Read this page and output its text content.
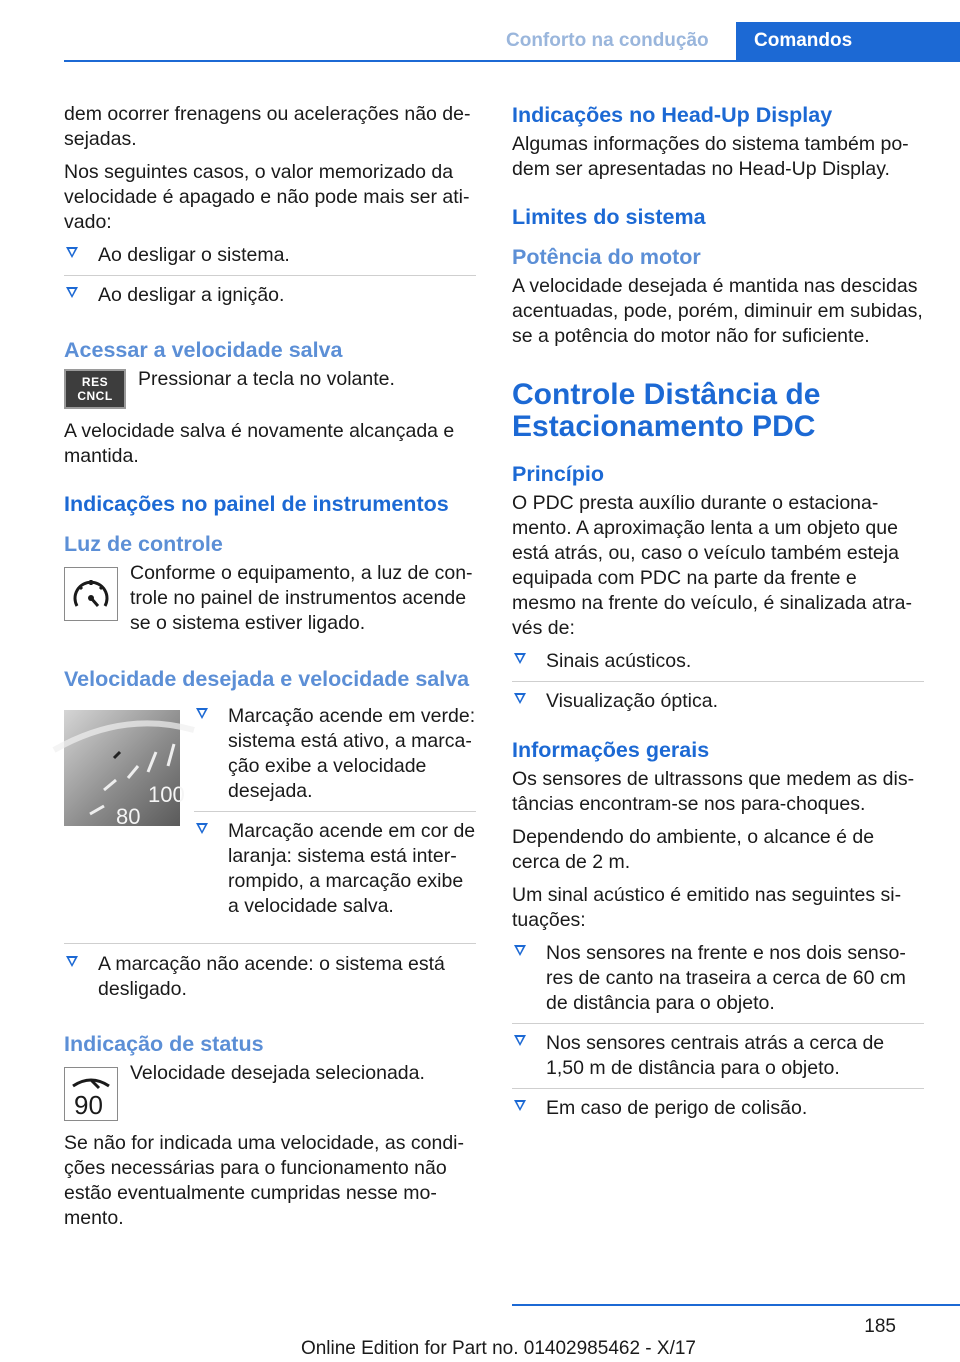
Conforto na condução	Comandos

dem ocorrer frenagens ou acelerações não desejadas.

Nos seguintes casos, o valor memorizado da velocidade é apagado e não pode mais ser ativado:

Ao desligar o sistema.
Ao desligar a ignição.
Acessar a velocidade salva
RES CNCL

Pressionar a tecla no volante.

A velocidade salva é novamente alcançada e mantida.

Indicações no painel de instrumentos
Luz de controle

Conforme o equipamento, a luz de controle no painel de instrumentos acende se o sistema estiver ligado.

Velocidade desejada e velocidade salva
100
80
Marcação acende em verde: sistema está ativo, a marcação exibe a velocidade desejada.
Marcação acende em cor de laranja: sistema está interrompido, a marcação exibe a velocidade salva.
A marcação não acende: o sistema está desligado.
Indicação de status
90

Velocidade desejada selecionada.

Se não for indicada uma velocidade, as condições necessárias para o funcionamento não estão eventualmente cumpridas nesse momento.

Indicações no Head-Up Display

Algumas informações do sistema também podem ser apresentadas no Head-Up Display.

Limites do sistema
Potência do motor

A velocidade desejada é mantida nas descidas acentuadas, pode, porém, diminuir em subidas, se a potência do motor não for suficiente.

Controle Distância de Estacionamento PDC
Princípio

O PDC presta auxílio durante o estacionamento. A aproximação lenta a um objeto que está atrás, ou, caso o veículo também esteja equipada com PDC na parte da frente e mesmo na frente do veículo, é sinalizada através de:

Sinais acústicos.
Visualização óptica.
Informações gerais

Os sensores de ultrassons que medem as distâncias encontram-se nos para-choques.

Dependendo do ambiente, o alcance é de cerca de 2 m.

Um sinal acústico é emitido nas seguintes situações:

Nos sensores na frente e nos dois sensores de canto na traseira a cerca de 60 cm de distância para o objeto.
Nos sensores centrais atrás a cerca de 1,50 m de distância para o objeto.
Em caso de perigo de colisão.
185
Online Edition for Part no. 01402985462 - X/17
